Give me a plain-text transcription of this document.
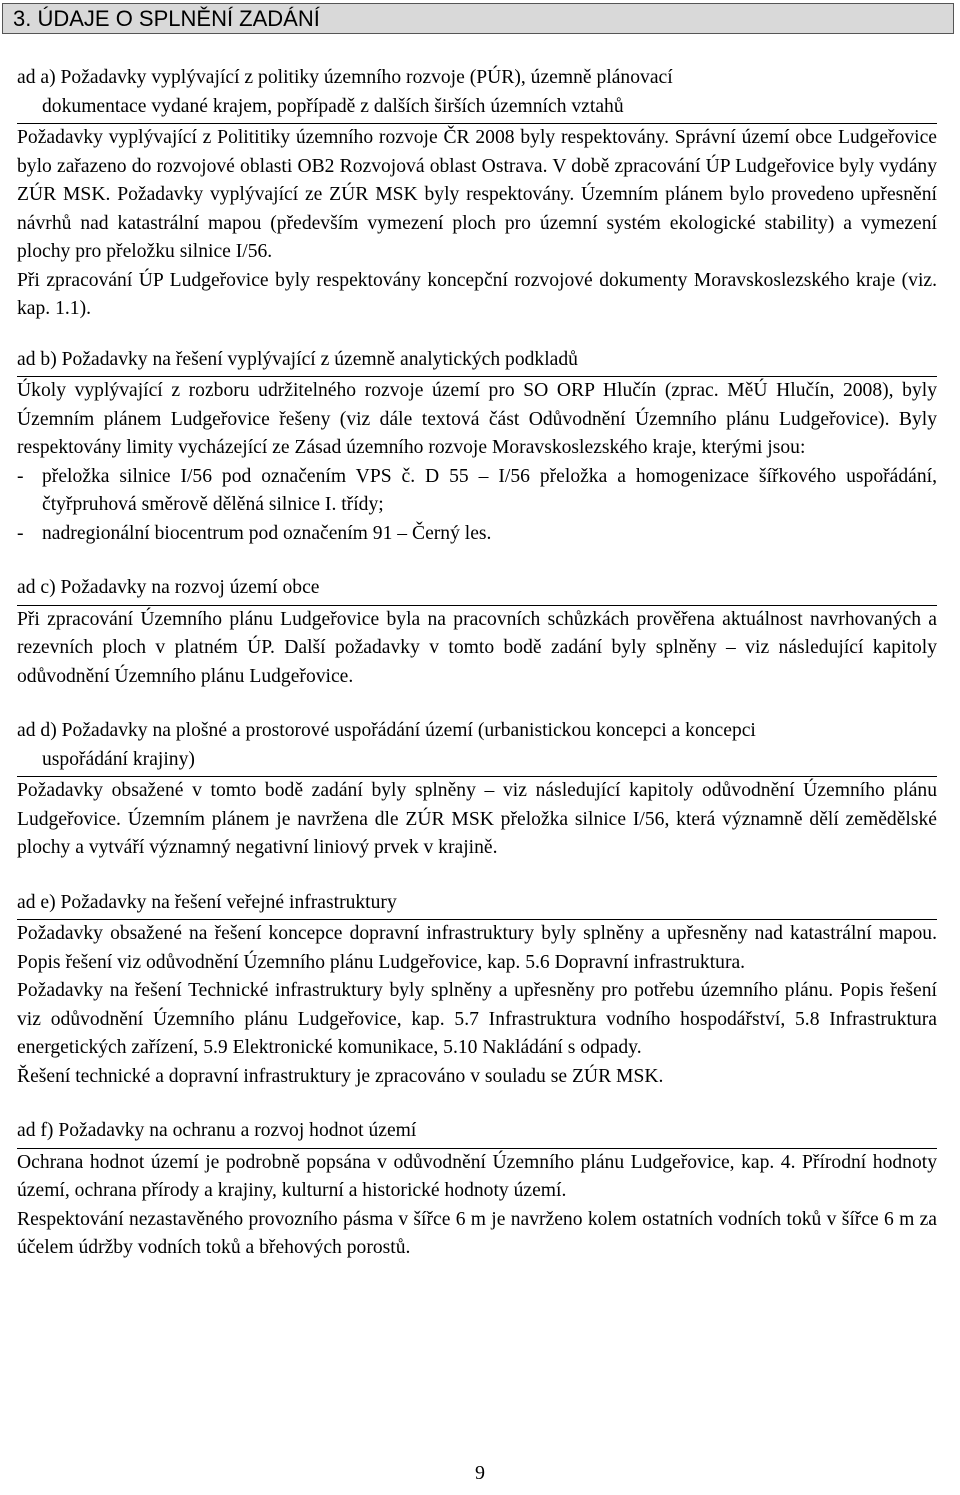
3. ÚDAJE O SPLNĚNÍ ZADÁNÍ
ad a) Požadavky vyplývající z politiky územního rozvoje (PÚR), územně plánovací
dokumentace vydané krajem, popřípadě z dalších širších územních vztahů

Požadavky vyplývající z Polititiky územního rozvoje ČR 2008 byly respektovány. Správní území obce Ludgeřovice bylo zařazeno do rozvojové oblasti OB2 Rozvojová oblast Ostrava. V době zpracování ÚP Ludgeřovice byly vydány ZÚR MSK. Požadavky vyplývající ze ZÚR MSK byly respektovány. Územním plánem bylo provedeno upřesnění návrhů nad katastrální mapou (především vymezení ploch pro územní systém ekologické stability) a vymezení plochy pro přeložku silnice I/56.

Při zpracování ÚP Ludgeřovice byly respektovány koncepční rozvojové dokumenty Moravskoslezského kraje (viz. kap. 1.1).

ad b) Požadavky na řešení vyplývající z územně analytických podkladů

Úkoly vyplývající z rozboru udržitelného rozvoje území pro SO ORP Hlučín (zprac. MěÚ Hlučín, 2008), byly Územním plánem Ludgeřovice řešeny (viz dále textová část Odůvodnění Územního plánu Ludgeřovice). Byly respektovány limity vycházející ze Zásad územního rozvoje Moravskoslezského kraje, kterými jsou:

- přeložka silnice I/56 pod označením VPS č. D 55 – I/56 přeložka a homogenizace šířkového uspořádání, čtyřpruhová směrově dělěná silnice I. třídy;
- nadregionální biocentrum pod označením 91 – Černý les.
ad c) Požadavky na rozvoj území obce

Při zpracování Územního plánu Ludgeřovice byla na pracovních schůzkách prověřena aktuálnost navrhovaných a rezevních ploch v platném ÚP. Další požadavky v tomto bodě zadání byly splněny – viz následující kapitoly odůvodnění Územního plánu Ludgeřovice.

ad d) Požadavky na plošné a prostorové uspořádání území (urbanistickou koncepci a koncepci
uspořádání krajiny)

Požadavky obsažené v tomto bodě zadání byly splněny – viz následující kapitoly odůvodnění Územního plánu Ludgeřovice. Územním plánem je navržena dle ZÚR MSK přeložka silnice I/56, která významně dělí zemědělské plochy a vytváří významný negativní liniový prvek v krajině.

ad e) Požadavky na řešení veřejné infrastruktury

Požadavky obsažené na řešení koncepce dopravní infrastruktury byly splněny a upřesněny nad katastrální mapou. Popis řešení viz odůvodnění Územního plánu Ludgeřovice, kap. 5.6 Dopravní infrastruktura.

Požadavky na řešení Technické infrastruktury byly splněny a upřesněny pro potřebu územního plánu. Popis řešení viz odůvodnění Územního plánu Ludgeřovice, kap. 5.7 Infrastruktura vodního hospodářství, 5.8 Infrastruktura energetických zařízení, 5.9 Elektronické komunikace, 5.10 Nakládání s odpady.

Řešení technické a dopravní infrastruktury je zpracováno v souladu se ZÚR MSK.

ad f) Požadavky na ochranu a rozvoj hodnot území

Ochrana hodnot území je podrobně popsána v odůvodnění Územního plánu Ludgeřovice, kap. 4. Přírodní hodnoty území, ochrana přírody a krajiny, kulturní a historické hodnoty území.

Respektování nezastavěného provozního pásma v šířce 6 m je navrženo kolem ostatních vodních toků v šířce 6 m za účelem údržby vodních toků a břehových porostů.

9
